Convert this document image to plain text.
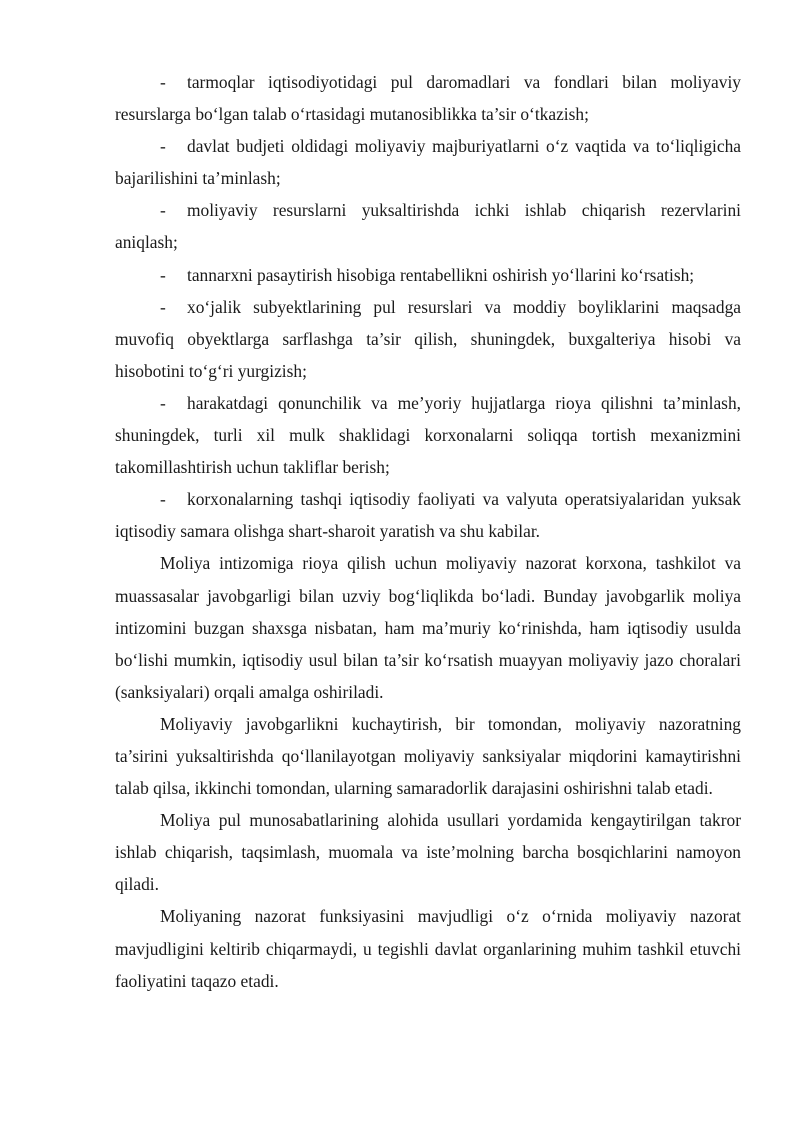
- tarmoqlar iqtisodiyotidagi pul daromadlari va fondlari bilan moliyaviy resurslarga bo‘lgan talab o‘rtasidagi mutanosiblikka ta’sir o‘tkazish;
- davlat budjeti oldidagi moliyaviy majburiyatlarni o‘z vaqtida va to‘liqligicha bajarilishini ta’minlash;
- moliyaviy resurslarni yuksaltirishda ichki ishlab chiqarish rezervlarini aniqlash;
- tannarxni pasaytirish hisobiga rentabellikni oshirish yo‘llarini ko‘rsatish;
- xo‘jalik subyektlarining pul resurslari va moddiy boyliklarini maqsadga muvofiq obyektlarga sarflashga ta’sir qilish, shuningdek, buxgalteriya hisobi va hisobotini to‘g‘ri yurgizish;
- harakatdagi qonunchilik va me’yoriy hujjatlarga rioya qilishni ta’minlash, shuningdek, turli xil mulk shaklidagi korxonalarni soliqqa tortish mexanizmini takomillashtirish uchun takliflar berish;
- korxonalarning tashqi iqtisodiy faoliyati va valyuta operatsiyalaridan yuksak iqtisodiy samara olishga shart-sharoit yaratish va shu kabilar.

Moliya intizomiga rioya qilish uchun moliyaviy nazorat korxona, tashkilot va muassasalar javobgarligi bilan uzviy bog‘liqlikda bo‘ladi. Bunday javobgarlik moliya intizomini buzgan shaxsga nisbatan, ham ma’muriy ko‘rinishda, ham iqtisodiy usulda bo‘lishi mumkin, iqtisodiy usul bilan ta’sir ko‘rsatish muayyan moliyaviy jazo choralari (sanksiyalari) orqali amalga oshiriladi.

Moliyaviy javobgarlikni kuchaytirish, bir tomondan, moliyaviy nazoratning ta’sirini yuksaltirishda qo‘llanilayotgan moliyaviy sanksiyalar miqdorini kamaytirishni talab qilsa, ikkinchi tomondan, ularning samaradorlik darajasini oshirishni talab etadi.

Moliya pul munosabatlarining alohida usullari yordamida kengaytirilgan takror ishlab chiqarish, taqsimlash, muomala va iste’molning barcha bosqichlarini namoyon qiladi.

Moliyaning nazorat funksiyasini mavjudligi o‘z o‘rnida moliyaviy nazorat mavjudligini keltirib chiqarmaydi, u tegishli davlat organlarining muhim tashkil etuvchi faoliyatini taqazo etadi.
